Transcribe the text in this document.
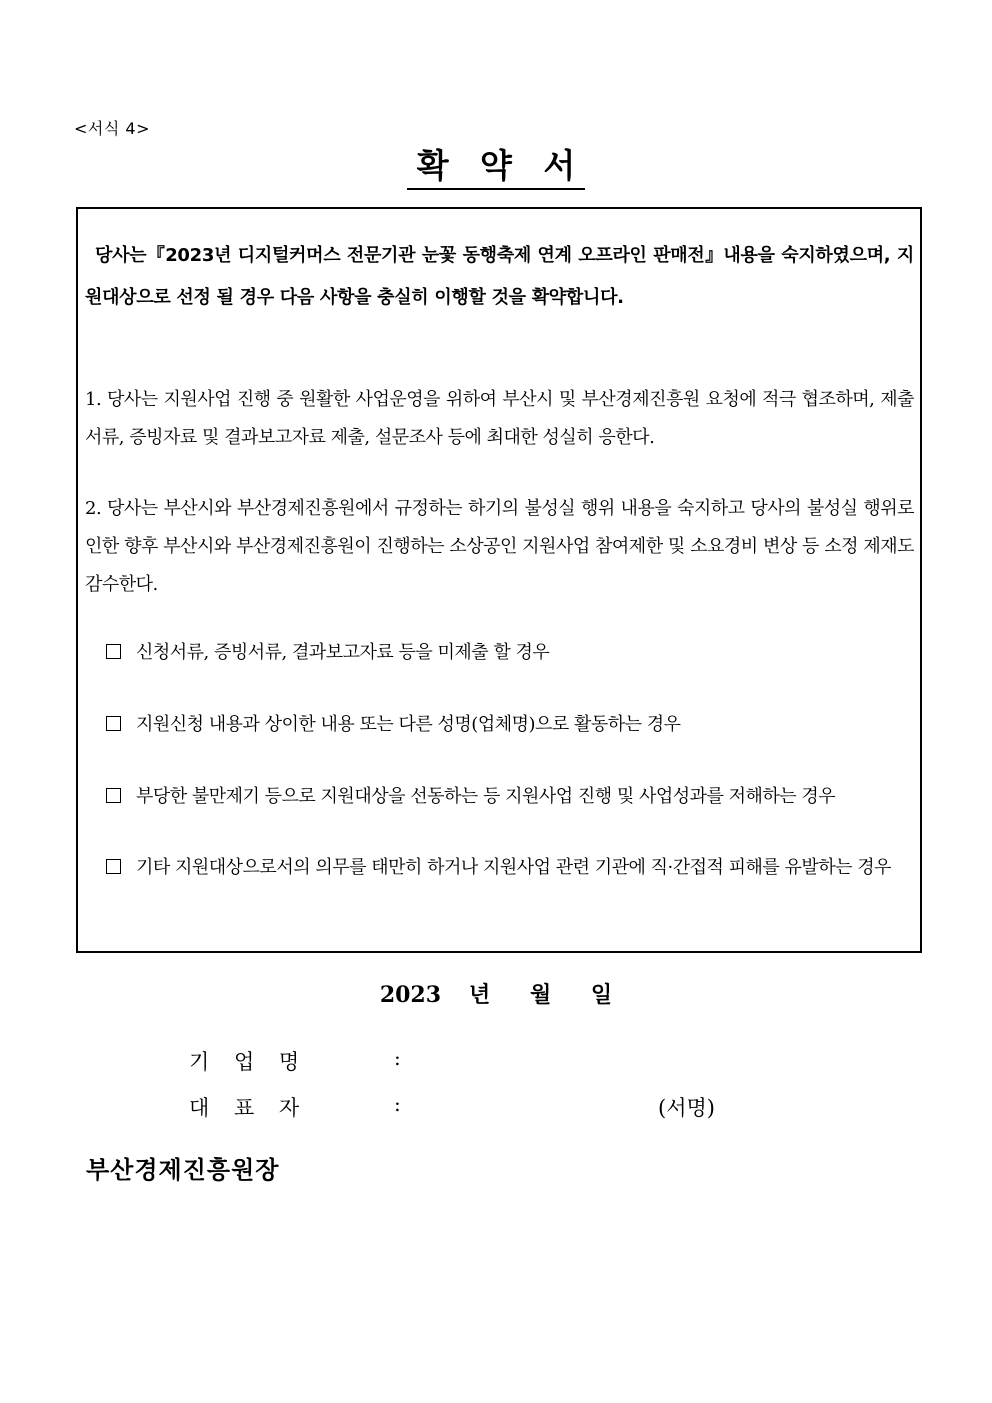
<서식 4>
확 약 서
당사는『2023년 디지털커머스 전문기관 눈꽃 동행축제 연계 오프라인 판매전』내용을 숙지하였으며, 지원대상으로 선정 될 경우 다음 사항을 충실히 이행할 것을 확약합니다.
1. 당사는 지원사업 진행 중 원활한 사업운영을 위하여 부산시 및 부산경제진흥원 요청에 적극 협조하며, 제출서류, 증빙자료 및 결과보고자료 제출, 설문조사 등에 최대한 성실히 응한다.
2. 당사는 부산시와 부산경제진흥원에서 규정하는 하기의 불성실 행위 내용을 숙지하고 당사의 불성실 행위로 인한 향후 부산시와 부산경제진흥원이 진행하는 소상공인 지원사업 참여제한 및 소요경비 변상 등 소정 제재도 감수한다.
신청서류, 증빙서류, 결과보고자료 등을 미제출 할 경우
지원신청 내용과 상이한 내용 또는 다른 성명(업체명)으로 활동하는 경우
부당한 불만제기 등으로 지원대상을 선동하는 등 지원사업 진행 및 사업성과를 저해하는 경우
기타 지원대상으로서의 의무를 태만히 하거나 지원사업 관련 기관에 직·간접적 피해를 유발하는 경우
2023 년 월 일
기 업 명	:
대 표 자	:	(서명)
부산경제진흥원장
